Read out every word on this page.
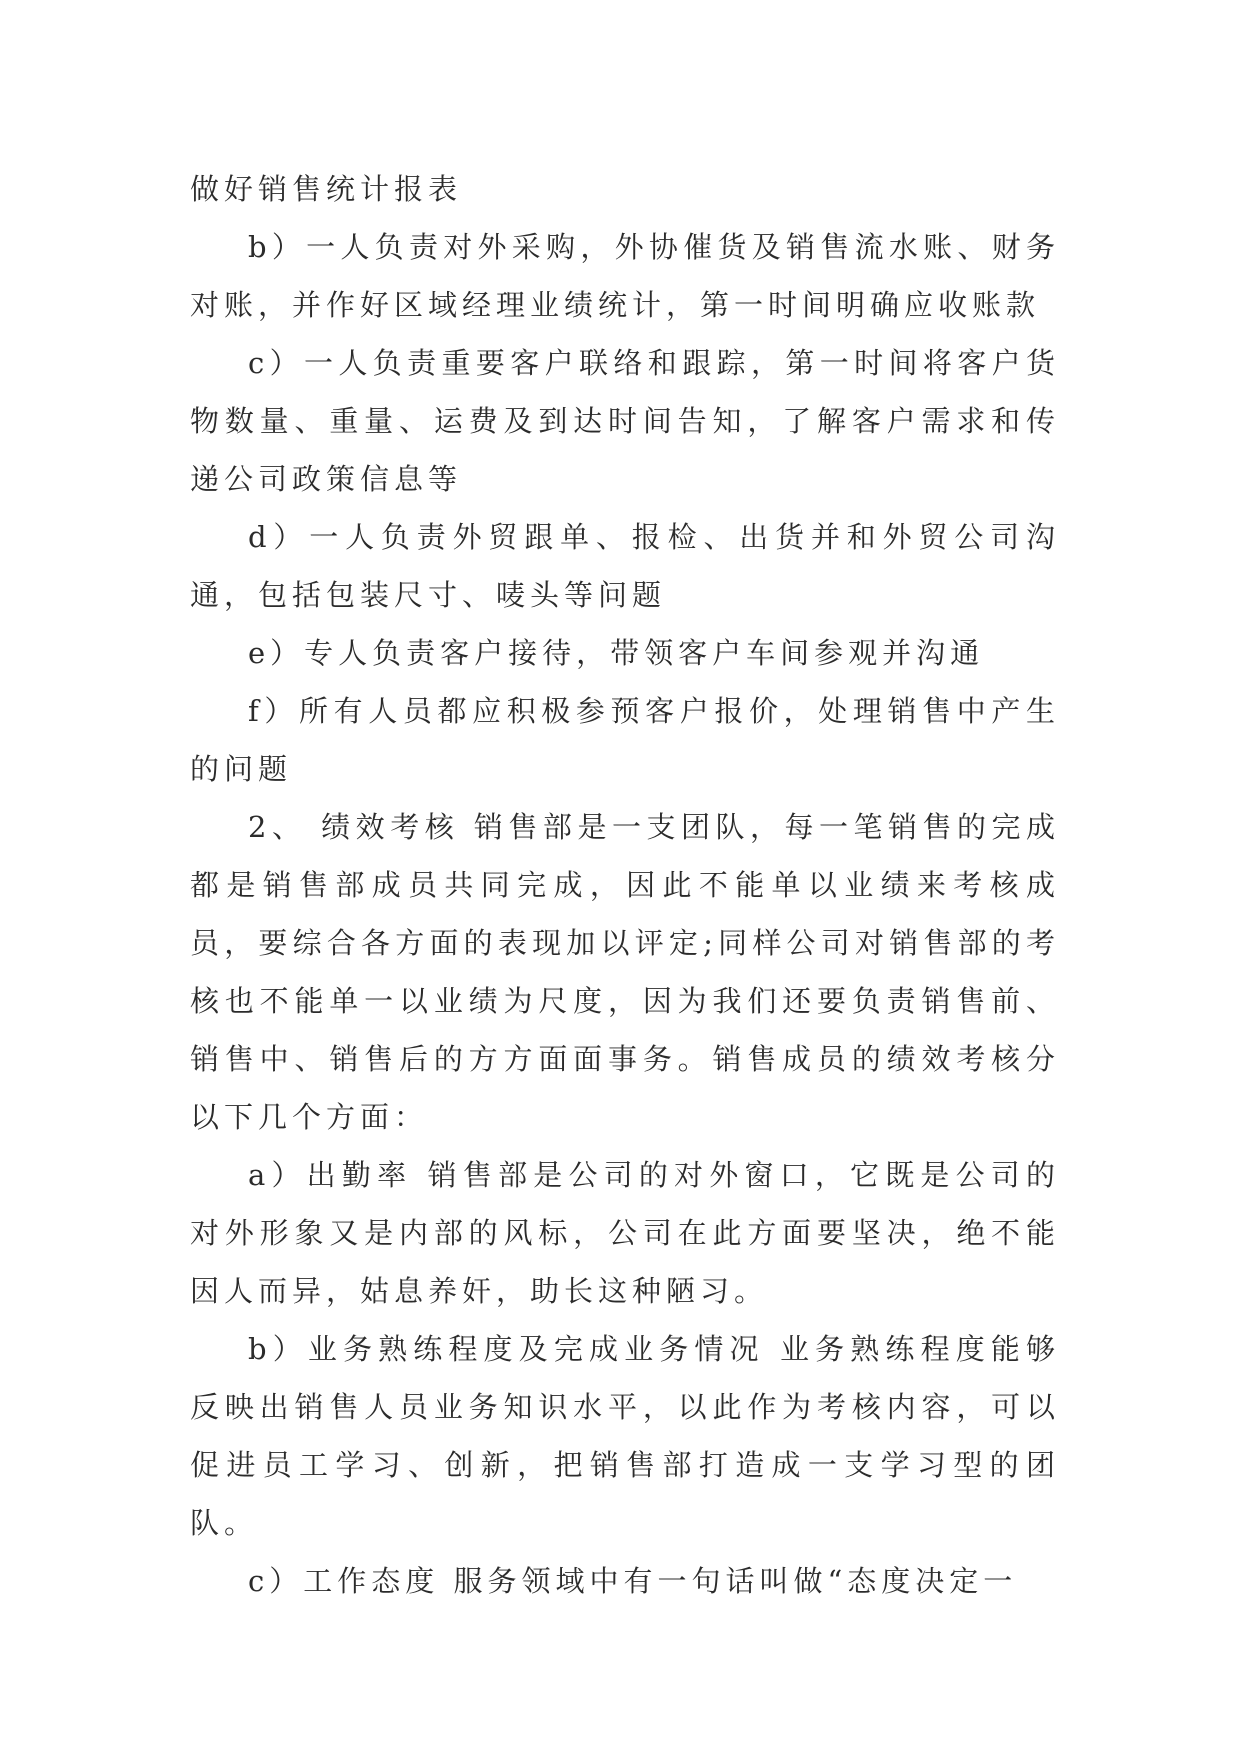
做好销售统计报表

b）一人负责对外采购，外协催货及销售流水账、财务对账，并作好区域经理业绩统计，第一时间明确应收账款

c）一人负责重要客户联络和跟踪，第一时间将客户货物数量、重量、运费及到达时间告知，了解客户需求和传递公司政策信息等

d）一人负责外贸跟单、报检、出货并和外贸公司沟通，包括包装尺寸、唛头等问题

e）专人负责客户接待，带领客户车间参观并沟通

f）所有人员都应积极参预客户报价，处理销售中产生的问题

2、 绩效考核 销售部是一支团队，每一笔销售的完成都是销售部成员共同完成，因此不能单以业绩来考核成员，要综合各方面的表现加以评定;同样公司对销售部的考核也不能单一以业绩为尺度，因为我们还要负责销售前、销售中、销售后的方方面面事务。销售成员的绩效考核分以下几个方面：

a）出勤率 销售部是公司的对外窗口，它既是公司的对外形象又是内部的风标，公司在此方面要坚决，绝不能因人而异，姑息养奸，助长这种陋习。

b）业务熟练程度及完成业务情况 业务熟练程度能够反映出销售人员业务知识水平，以此作为考核内容，可以促进员工学习、创新，把销售部打造成一支学习型的团队。

c）工作态度 服务领域中有一句话叫做“态度决定一
